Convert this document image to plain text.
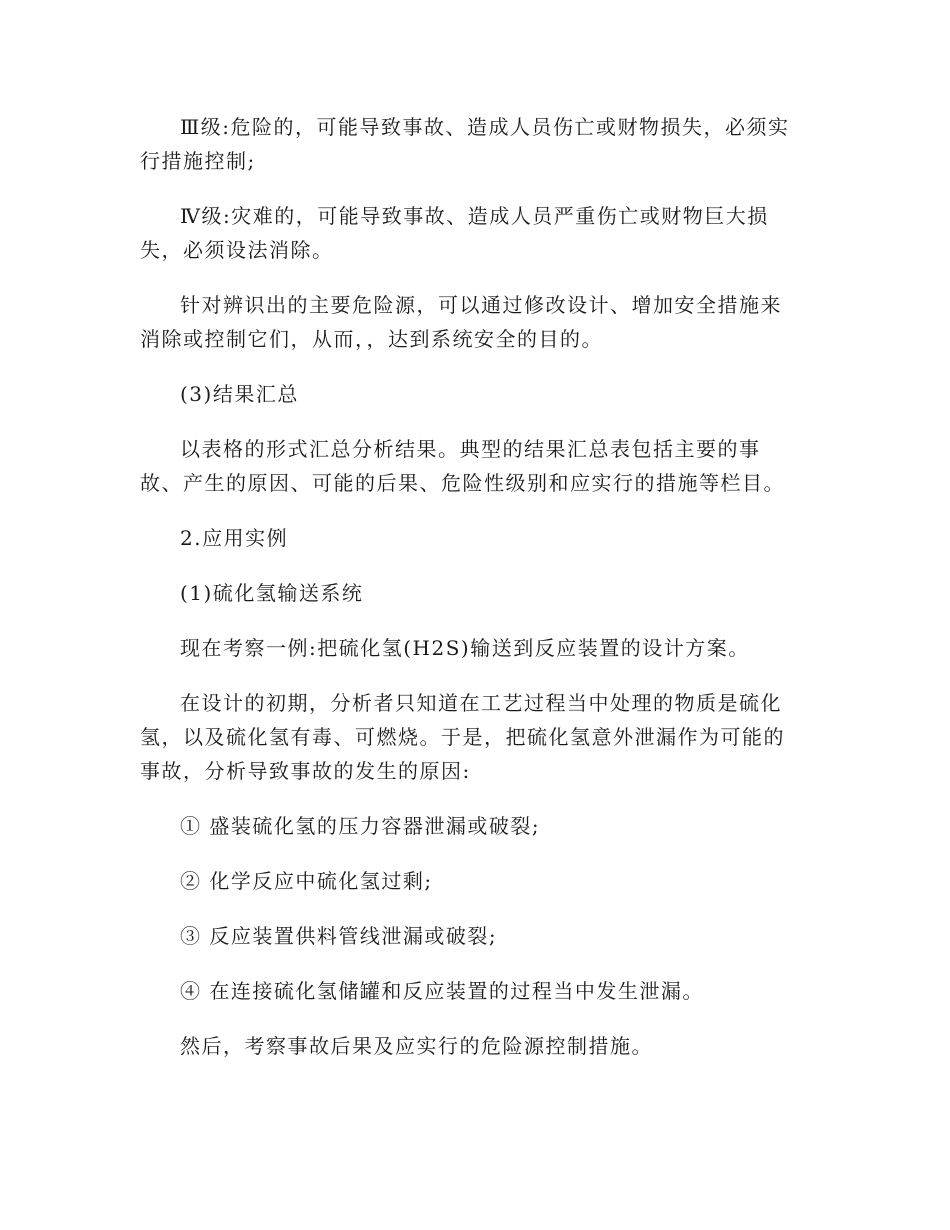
Ⅲ级:危险的，可能导致事故、造成人员伤亡或财物损失，必须实
行措施控制;

Ⅳ级:灾难的，可能导致事故、造成人员严重伤亡或财物巨大损
失，必须设法消除。

针对辨识出的主要危险源，可以通过修改设计、增加安全措施来
消除或控制它们，从而，，达到系统安全的目的。

(3)结果汇总

以表格的形式汇总分析结果。典型的结果汇总表包括主要的事
故、产生的原因、可能的后果、危险性级别和应实行的措施等栏目。

2.应用实例

(1)硫化氢输送系统

现在考察一例:把硫化氢(H2S)输送到反应装置的设计方案。

在设计的初期，分析者只知道在工艺过程当中处理的物质是硫化
氢，以及硫化氢有毒、可燃烧。于是，把硫化氢意外泄漏作为可能的
事故，分析导致事故的发生的原因:

① 盛装硫化氢的压力容器泄漏或破裂;

② 化学反应中硫化氢过剩;

③ 反应装置供料管线泄漏或破裂;

④ 在连接硫化氢储罐和反应装置的过程当中发生泄漏。

然后，考察事故后果及应实行的危险源控制措施。
